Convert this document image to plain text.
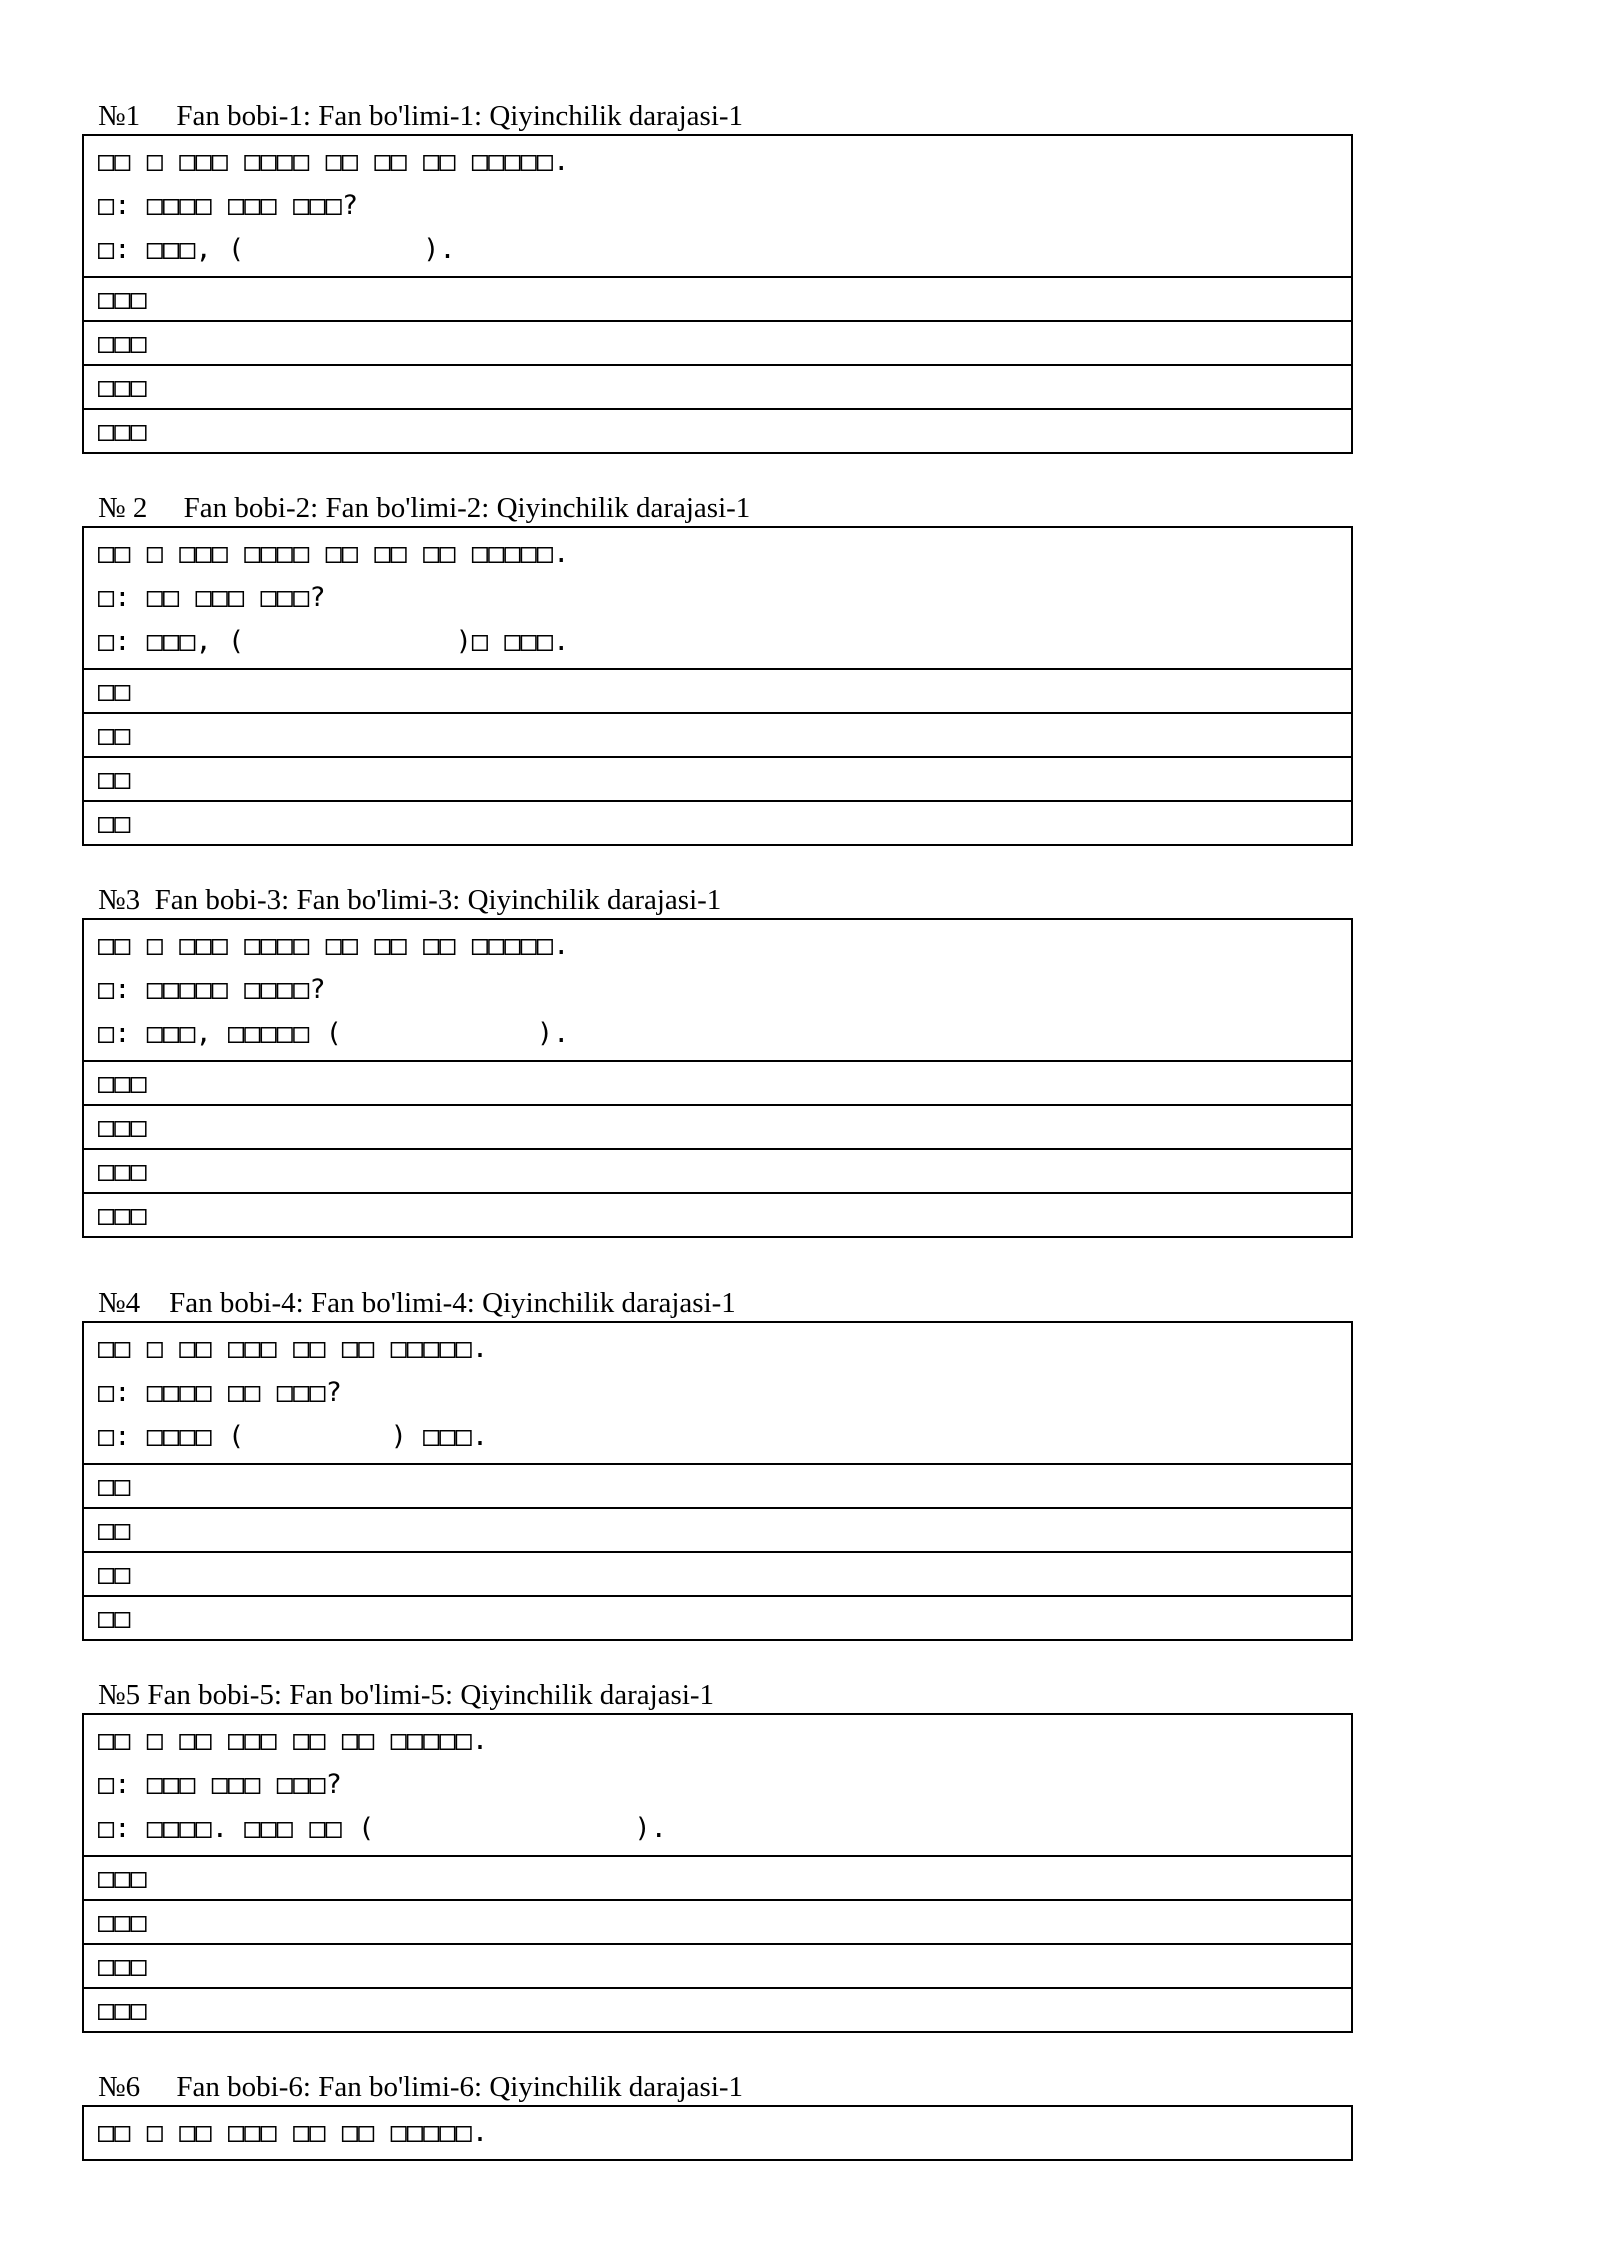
№1     Fan bobi-1: Fan bo'limi-1: Qiyinchilik darajasi-1
□□ □ □□□ □□□□ □□ □□ □□ □□□□□.
□: □□□□ □□□ □□□?
□: □□□, (           ).
□□□
□□□
□□□
□□□
№ 2     Fan bobi-2: Fan bo'limi-2: Qiyinchilik darajasi-1
□□ □ □□□ □□□□ □□ □□ □□ □□□□□.
□: □□ □□□ □□□?
□: □□□, (             )□ □□□.
□□
□□
□□
□□
№3  Fan bobi-3: Fan bo'limi-3: Qiyinchilik darajasi-1
□□ □ □□□ □□□□ □□ □□ □□ □□□□□.
□: □□□□□ □□□□?
□: □□□, □□□□□ (            ).
□□□
□□□
□□□
□□□
№4    Fan bobi-4: Fan bo'limi-4: Qiyinchilik darajasi-1
□□ □ □□ □□□ □□ □□ □□□□□.
□: □□□□ □□ □□□?
□: □□□□ (         ) □□□.
□□
□□
□□
□□
№5 Fan bobi-5: Fan bo'limi-5: Qiyinchilik darajasi-1
□□ □ □□ □□□ □□ □□ □□□□□.
□: □□□ □□□ □□□?
□: □□□□. □□□ □□ (                ).
□□□
□□□
□□□
□□□
№6     Fan bobi-6: Fan bo'limi-6: Qiyinchilik darajasi-1
□□ □ □□ □□□ □□ □□ □□□□□.
